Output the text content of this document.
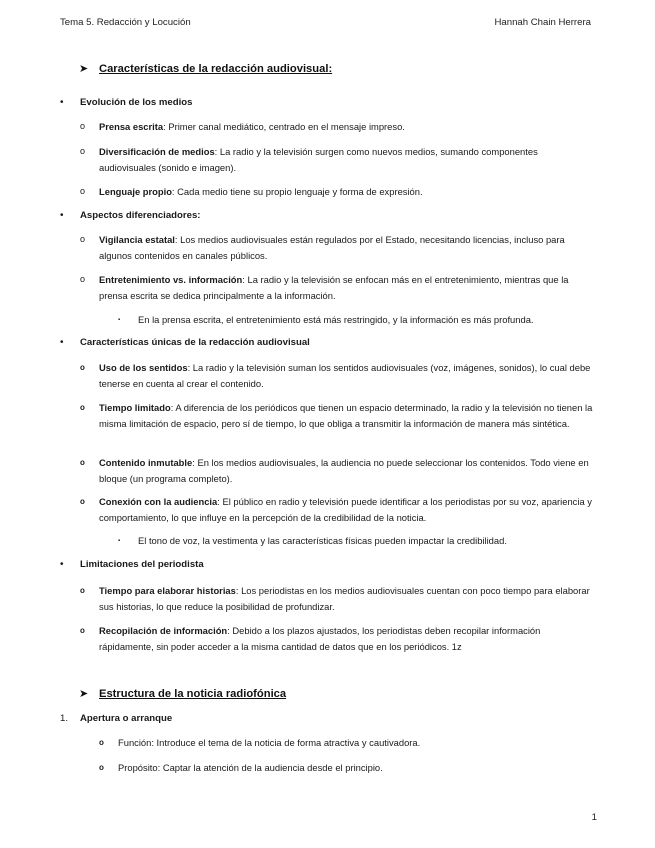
Tema 5. Redacción y Locución	Hannah Chain Herrera
➤ Características de la redacción audiovisual:
•	Evolución de los medios
o	Prensa escrita: Primer canal mediático, centrado en el mensaje impreso.
o	Diversificación de medios: La radio y la televisión surgen como nuevos medios, sumando componentes audiovisuales (sonido e imagen).
o	Lenguaje propio: Cada medio tiene su propio lenguaje y forma de expresión.
•	Aspectos diferenciadores:
o	Vigilancia estatal: Los medios audiovisuales están regulados por el Estado, necesitando licencias, incluso para algunos contenidos en canales públicos.
o	Entretenimiento vs. información: La radio y la televisión se enfocan más en el entretenimiento, mientras que la prensa escrita se dedica principalmente a la información.
▪	En la prensa escrita, el entretenimiento está más restringido, y la información es más profunda.
•	Características únicas de la redacción audiovisual
o	Uso de los sentidos: La radio y la televisión suman los sentidos audiovisuales (voz, imágenes, sonidos), lo cual debe tenerse en cuenta al crear el contenido.
o	Tiempo limitado: A diferencia de los periódicos que tienen un espacio determinado, la radio y la televisión no tienen la misma limitación de espacio, pero sí de tiempo, lo que obliga a transmitir la información de manera más sintética.
o	Contenido inmutable: En los medios audiovisuales, la audiencia no puede seleccionar los contenidos. Todo viene en bloque (un programa completo).
o	Conexión con la audiencia: El público en radio y televisión puede identificar a los periodistas por su voz, apariencia y comportamiento, lo que influye en la percepción de la credibilidad de la noticia.
▪	El tono de voz, la vestimenta y las características físicas pueden impactar la credibilidad.
•	Limitaciones del periodista
o	Tiempo para elaborar historias: Los periodistas en los medios audiovisuales cuentan con poco tiempo para elaborar sus historias, lo que reduce la posibilidad de profundizar.
o	Recopilación de información: Debido a los plazos ajustados, los periodistas deben recopilar información rápidamente, sin poder acceder a la misma cantidad de datos que en los periódicos. 1z
➤ Estructura de la noticia radiofónica
1.	Apertura o arranque
o	Función: Introduce el tema de la noticia de forma atractiva y cautivadora.
o	Propósito: Captar la atención de la audiencia desde el principio.
1
